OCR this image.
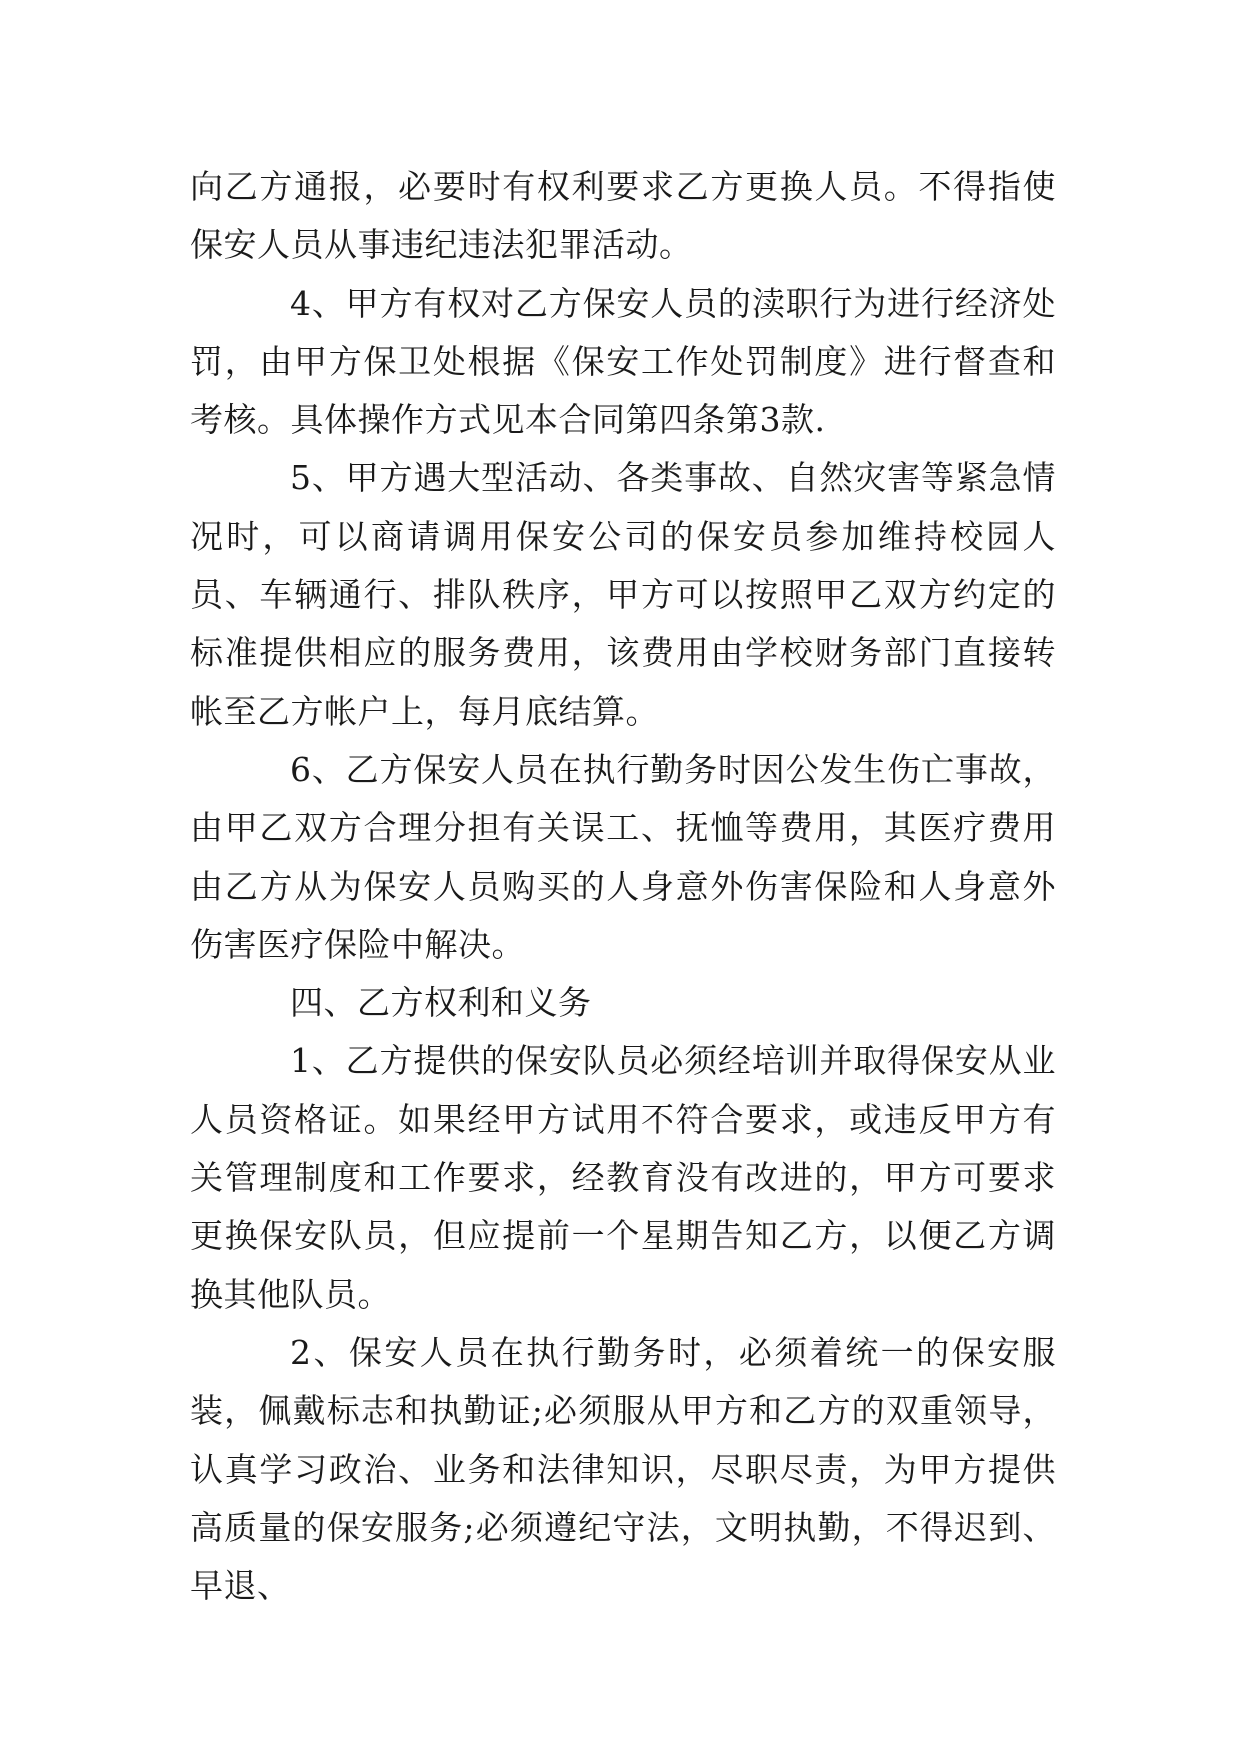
向乙方通报，必要时有权利要求乙方更换人员。不得指使保安人员从事违纪违法犯罪活动。

4、甲方有权对乙方保安人员的渎职行为进行经济处罚，由甲方保卫处根据《保安工作处罚制度》进行督查和考核。具体操作方式见本合同第四条第3款.

5、甲方遇大型活动、各类事故、自然灾害等紧急情况时，可以商请调用保安公司的保安员参加维持校园人员、车辆通行、排队秩序，甲方可以按照甲乙双方约定的标准提供相应的服务费用，该费用由学校财务部门直接转帐至乙方帐户上，每月底结算。

6、乙方保安人员在执行勤务时因公发生伤亡事故，由甲乙双方合理分担有关误工、抚恤等费用，其医疗费用由乙方从为保安人员购买的人身意外伤害保险和人身意外伤害医疗保险中解决。

四、乙方权利和义务

1、乙方提供的保安队员必须经培训并取得保安从业人员资格证。如果经甲方试用不符合要求，或违反甲方有关管理制度和工作要求，经教育没有改进的，甲方可要求更换保安队员，但应提前一个星期告知乙方，以便乙方调换其他队员。

2、保安人员在执行勤务时，必须着统一的保安服装，佩戴标志和执勤证;必须服从甲方和乙方的双重领导，认真学习政治、业务和法律知识，尽职尽责，为甲方提供高质量的保安服务;必须遵纪守法，文明执勤，不得迟到、早退、
